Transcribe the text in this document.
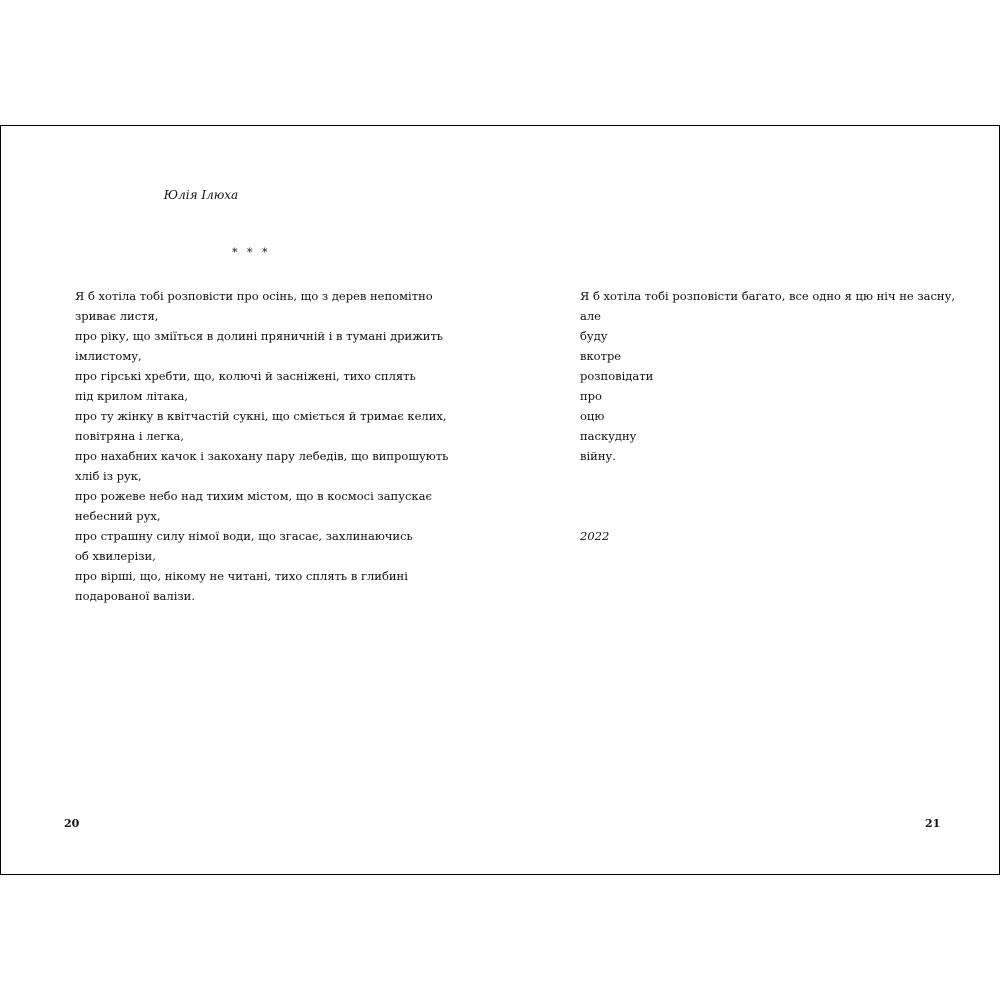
Юлія Ілюха

* * *

Я б хотіла тобі розповісти про осінь, що з дерев непомітно
зриває листя,
про ріку, що зміїться в долині пряничній і в тумані дрижить
імлистому,
про гірські хребти, що, колючі й засніжені, тихо сплять
під крилом літака,
про ту жінку в квітчастій сукні, що сміється й тримає келих,
повітряна і легка,
про нахабних качок і закохану пару лебедів, що випрошують
хліб із рук,
про рожеве небо над тихим містом, що в космосі запускає
небесний рух,
про страшну силу німої води, що згасає, захлинаючись
об хвилерізи,
про вірші, що, нікому не читані, тихо сплять в глибині
подарованої валізи.

20

Я б хотіла тобі розповісти багато, все одно я цю ніч не засну,
але
буду
вкотре
розповідати
про
оцю
паскудну
війну.

2022

21
